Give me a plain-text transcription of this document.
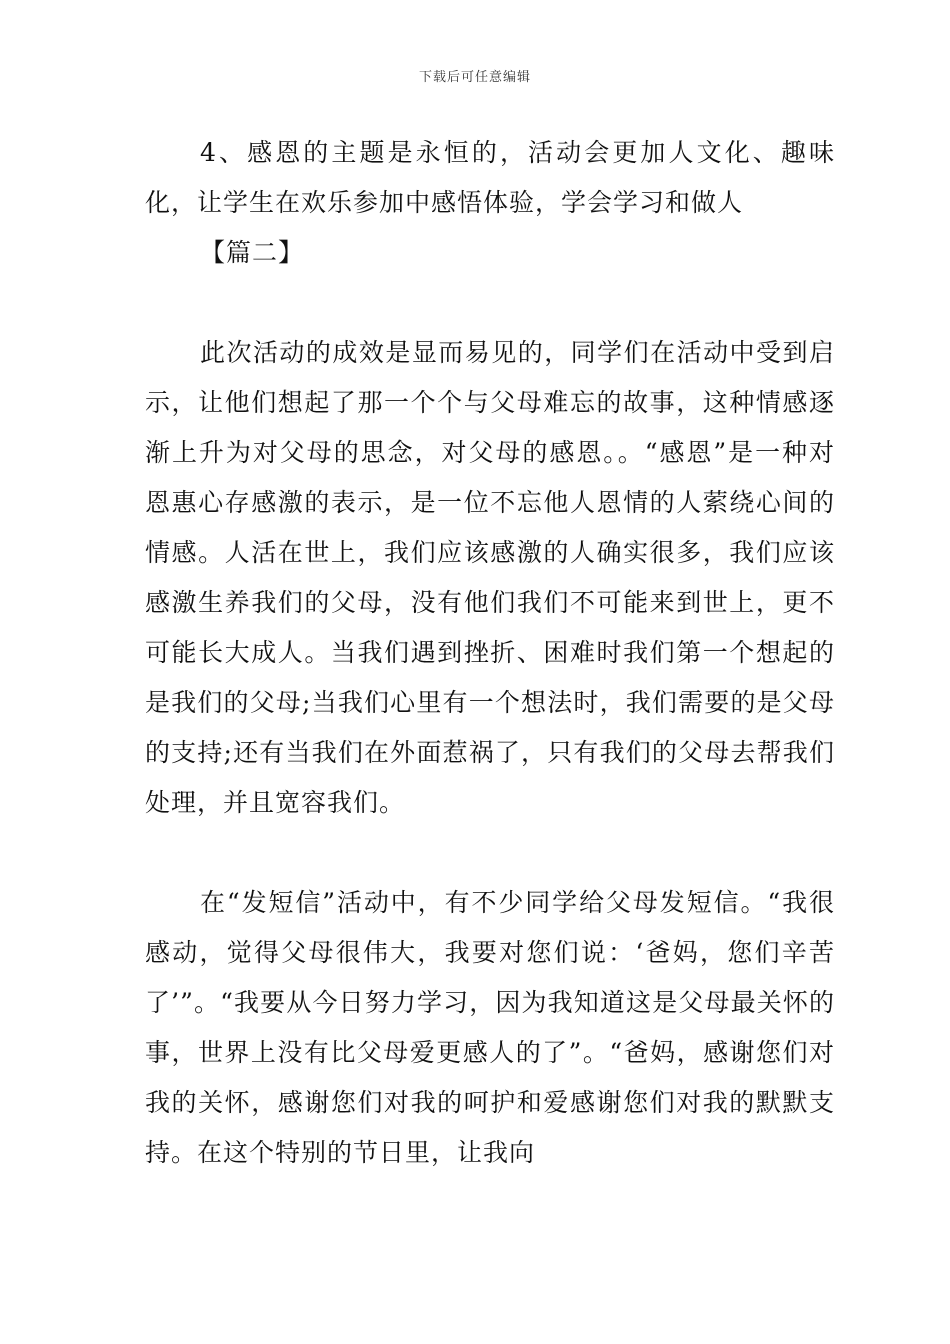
下载后可任意编辑

4、感恩的主题是永恒的，活动会更加人文化、趣味化，让学生在欢乐参加中感悟体验，学会学习和做人

【篇二】

此次活动的成效是显而易见的，同学们在活动中受到启示，让他们想起了那一个个与父母难忘的故事，这种情感逐渐上升为对父母的思念，对父母的感恩。。“感恩”是一种对恩惠心存感激的表示，是一位不忘他人恩情的人萦绕心间的情感。人活在世上，我们应该感激的人确实很多，我们应该感激生养我们的父母，没有他们我们不可能来到世上，更不可能长大成人。当我们遇到挫折、困难时我们第一个想起的是我们的父母;当我们心里有一个想法时，我们需要的是父母的支持;还有当我们在外面惹祸了，只有我们的父母去帮我们处理，并且宽容我们。

在“发短信”活动中，有不少同学给父母发短信。“我很感动，觉得父母很伟大，我要对您们说：‘爸妈，您们辛苦了’”。“我要从今日努力学习，因为我知道这是父母最关怀的事，世界上没有比父母爱更感人的了”。“爸妈，感谢您们对我的关怀，感谢您们对我的呵护和爱感谢您们对我的默默支持。在这个特别的节日里，让我向
